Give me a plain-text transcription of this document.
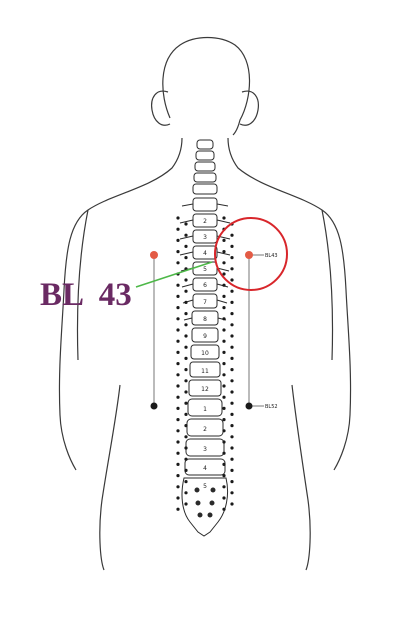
2
3
4
5
6
7
8
9
10
11
12
1
2
3
4
5
BL43
BL52
BL  43
